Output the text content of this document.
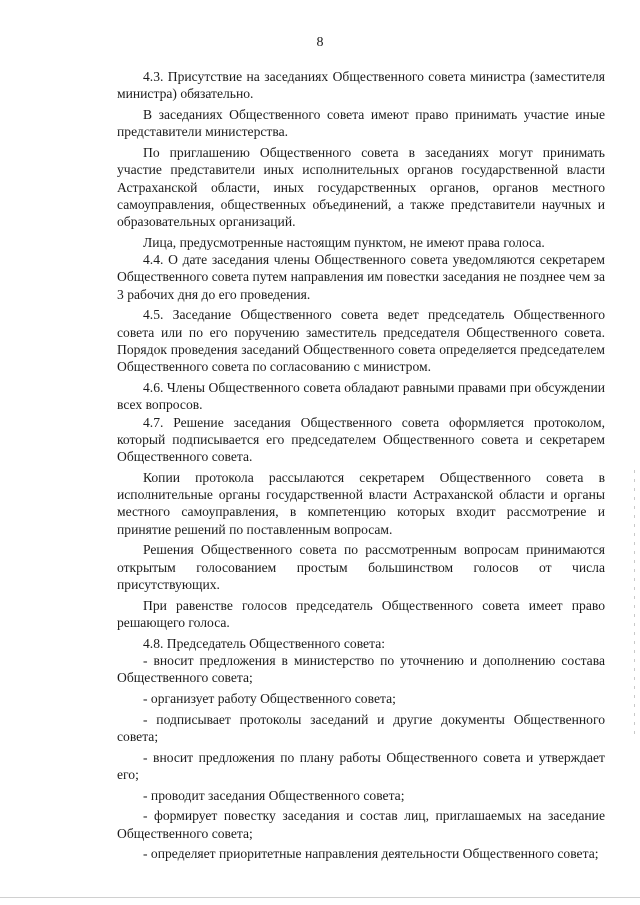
8

4.3. Присутствие на заседаниях Общественного совета министра (заместителя министра) обязательно.

В заседаниях Общественного совета имеют право принимать участие иные представители министерства.

По приглашению Общественного совета в заседаниях могут принимать участие представители иных исполнительных органов государственной власти Астраханской области, иных государственных органов, органов местного самоуправления, общественных объединений, а также представители научных и образовательных организаций.

Лица, предусмотренные настоящим пунктом, не имеют права голоса.

4.4. О дате заседания члены Общественного совета уведомляются секретарем Общественного совета путем направления им повестки заседания не позднее чем за 3 рабочих дня до его проведения.

4.5. Заседание Общественного совета ведет председатель Общественного совета или по его поручению заместитель председателя Общественного совета. Порядок проведения заседаний Общественного совета определяется председателем Общественного совета по согласованию с министром.

4.6. Члены Общественного совета обладают равными правами при обсуждении всех вопросов.

4.7. Решение заседания Общественного совета оформляется протоколом, который подписывается его председателем Общественного совета и секретарем Общественного совета.

Копии протокола рассылаются секретарем Общественного совета в исполнительные органы государственной власти Астраханской области и органы местного самоуправления, в компетенцию которых входит рассмотрение и принятие решений по поставленным вопросам.

Решения Общественного совета по рассмотренным вопросам принимаются открытым голосованием простым большинством голосов от числа присутствующих.

При равенстве голосов председатель Общественного совета имеет право решающего голоса.

4.8. Председатель Общественного совета:

- вносит предложения в министерство по уточнению и дополнению состава Общественного совета;

- организует работу Общественного совета;

- подписывает протоколы заседаний и другие документы Общественного совета;

- вносит предложения по плану работы Общественного совета и утверждает его;

- проводит заседания Общественного совета;

- формирует повестку заседания и состав лиц, приглашаемых на заседание Общественного совета;

- определяет приоритетные направления деятельности Общественного совета;
